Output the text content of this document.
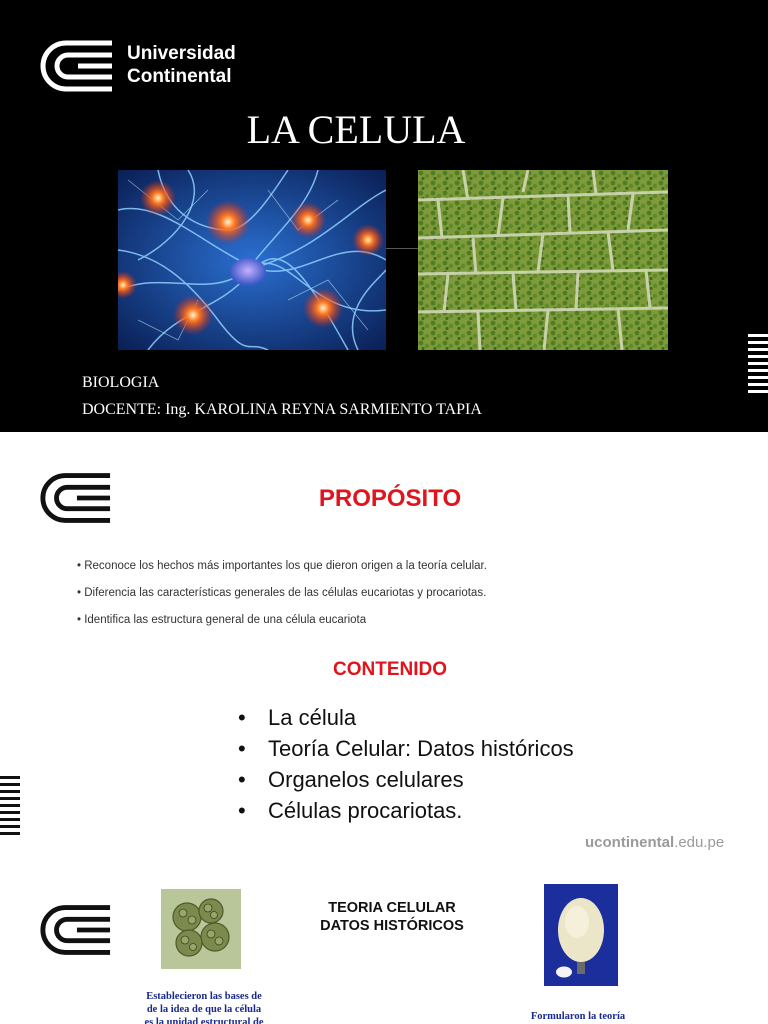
Universidad
Continental
LA CELULA
BIOLOGIA
DOCENTE: Ing. KAROLINA REYNA SARMIENTO TAPIA
PROPÓSITO
• Reconoce los hechos más importantes los que dieron origen a la teoría celular.
• Diferencia las características generales de las células eucariotas y procariotas.
• Identifica las estructura general de una célula eucariota
CONTENIDO
• La célula
• Teoría Celular: Datos históricos
• Organelos celulares
• Células procariotas.
ucontinental.edu.pe
TEORIA CELULAR
DATOS HISTÓRICOS
Establecieron las bases de
de la idea de que la célula
es la unidad estructural de
Formularon la teoría
